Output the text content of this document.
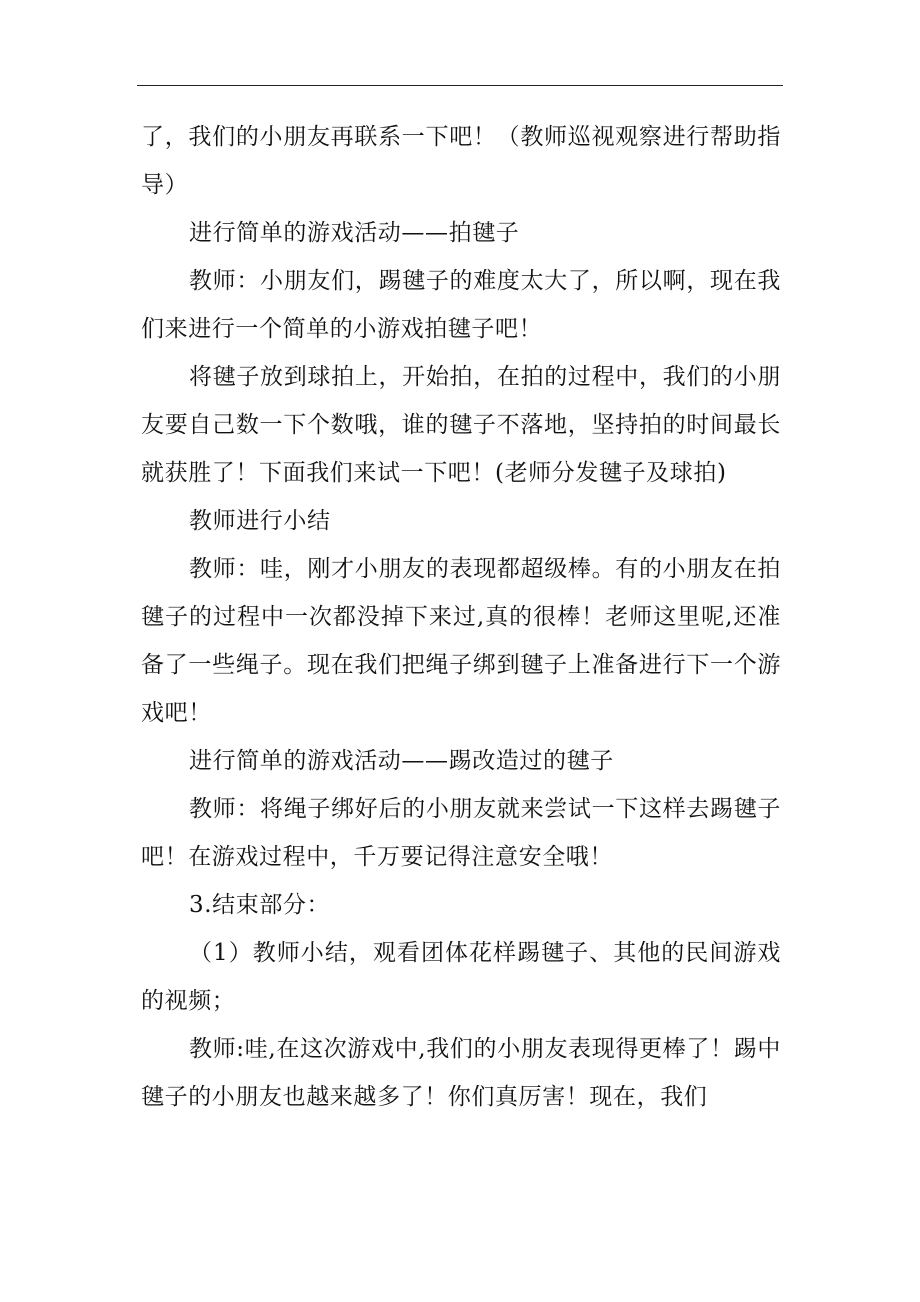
了，我们的小朋友再联系一下吧！（教师巡视观察进行帮助指导）

进行简单的游戏活动——拍毽子

教师：小朋友们，踢毽子的难度太大了，所以啊，现在我们来进行一个简单的小游戏拍毽子吧！

将毽子放到球拍上，开始拍，在拍的过程中，我们的小朋友要自己数一下个数哦，谁的毽子不落地，坚持拍的时间最长就获胜了！下面我们来试一下吧！(老师分发毽子及球拍)

教师进行小结

教师：哇，刚才小朋友的表现都超级棒。有的小朋友在拍毽子的过程中一次都没掉下来过,真的很棒！老师这里呢,还准备了一些绳子。现在我们把绳子绑到毽子上准备进行下一个游戏吧！

进行简单的游戏活动——踢改造过的毽子

教师：将绳子绑好后的小朋友就来尝试一下这样去踢毽子吧！在游戏过程中，千万要记得注意安全哦！

3.结束部分：

（1）教师小结，观看团体花样踢毽子、其他的民间游戏的视频；

教师:哇,在这次游戏中,我们的小朋友表现得更棒了！踢中毽子的小朋友也越来越多了！你们真厉害！现在，我们
